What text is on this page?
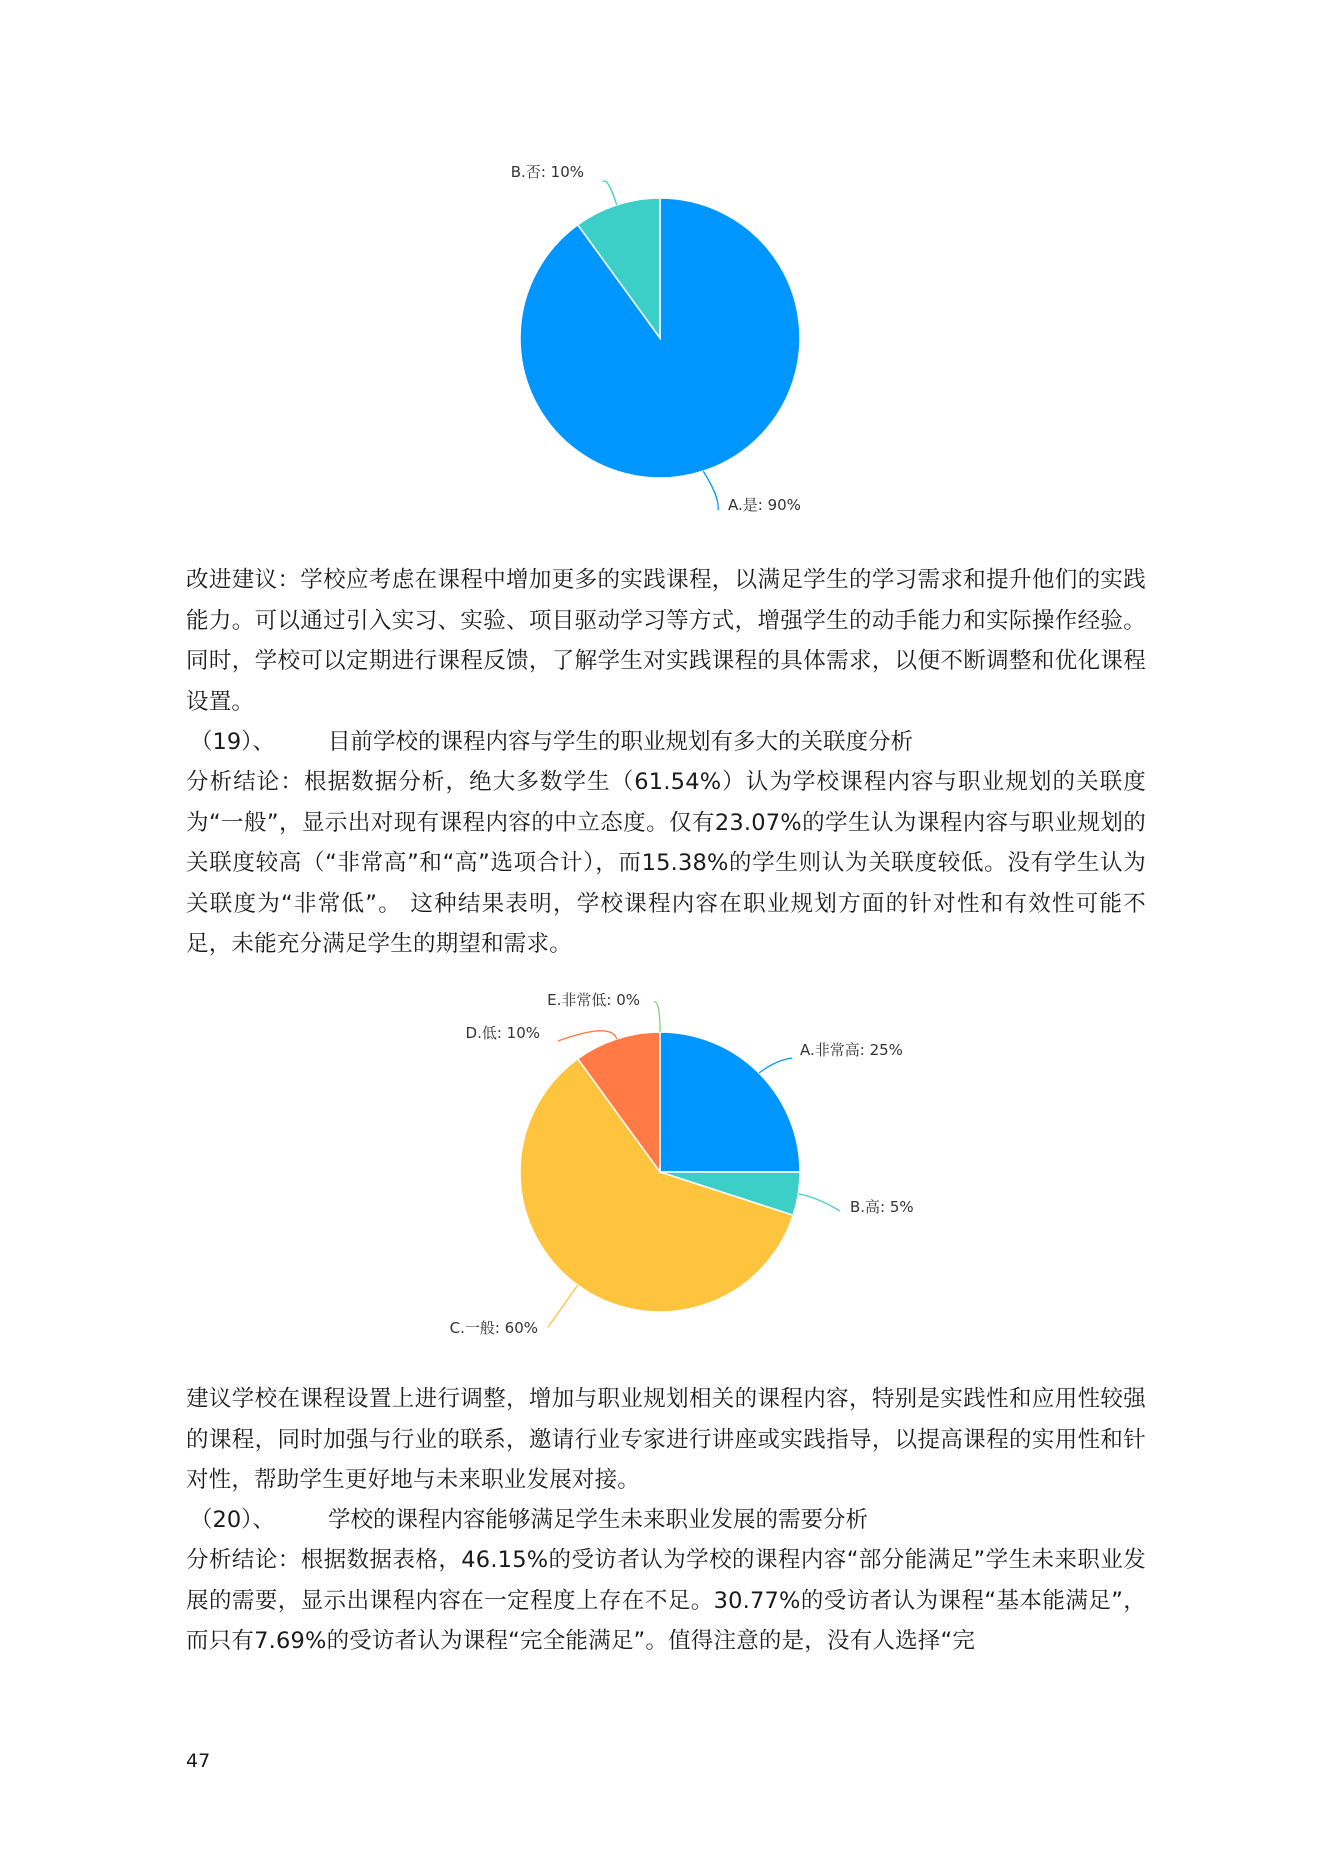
A.是: 90%
B.否: 10%

改进建议：学校应考虑在课程中增加更多的实践课程，以满足学生的学习需求和提升他们的实践能力。可以通过引入实习、实验、项目驱动学习等方式，增强学生的动手能力和实际操作经验。同时，学校可以定期进行课程反馈，了解学生对实践课程的具体需求，以便不断调整和优化课程设置。

（19）、 目前学校的课程内容与学生的职业规划有多大的关联度分析

分析结论：根据数据分析，绝大多数学生（61.54%）认为学校课程内容与职业规划的关联度为“一般”，显示出对现有课程内容的中立态度。仅有23.07%的学生认为课程内容与职业规划的关联度较高（“非常高”和“高”选项合计），而15.38%的学生则认为关联度较低。没有学生认为关联度为“非常低”。 这种结果表明，学校课程内容在职业规划方面的针对性和有效性可能不足，未能充分满足学生的期望和需求。

A.非常高: 25%
B.高: 5%
C.一般: 60%
D.低: 10%
E.非常低: 0%

建议学校在课程设置上进行调整，增加与职业规划相关的课程内容，特别是实践性和应用性较强的课程，同时加强与行业的联系，邀请行业专家进行讲座或实践指导，以提高课程的实用性和针对性，帮助学生更好地与未来职业发展对接。

（20）、 学校的课程内容能够满足学生未来职业发展的需要分析

分析结论：根据数据表格，46.15%的受访者认为学校的课程内容“部分能满足”学生未来职业发展的需要，显示出课程内容在一定程度上存在不足。30.77%的受访者认为课程“基本能满足”，而只有7.69%的受访者认为课程“完全能满足”。值得注意的是，没有人选择“完

47
